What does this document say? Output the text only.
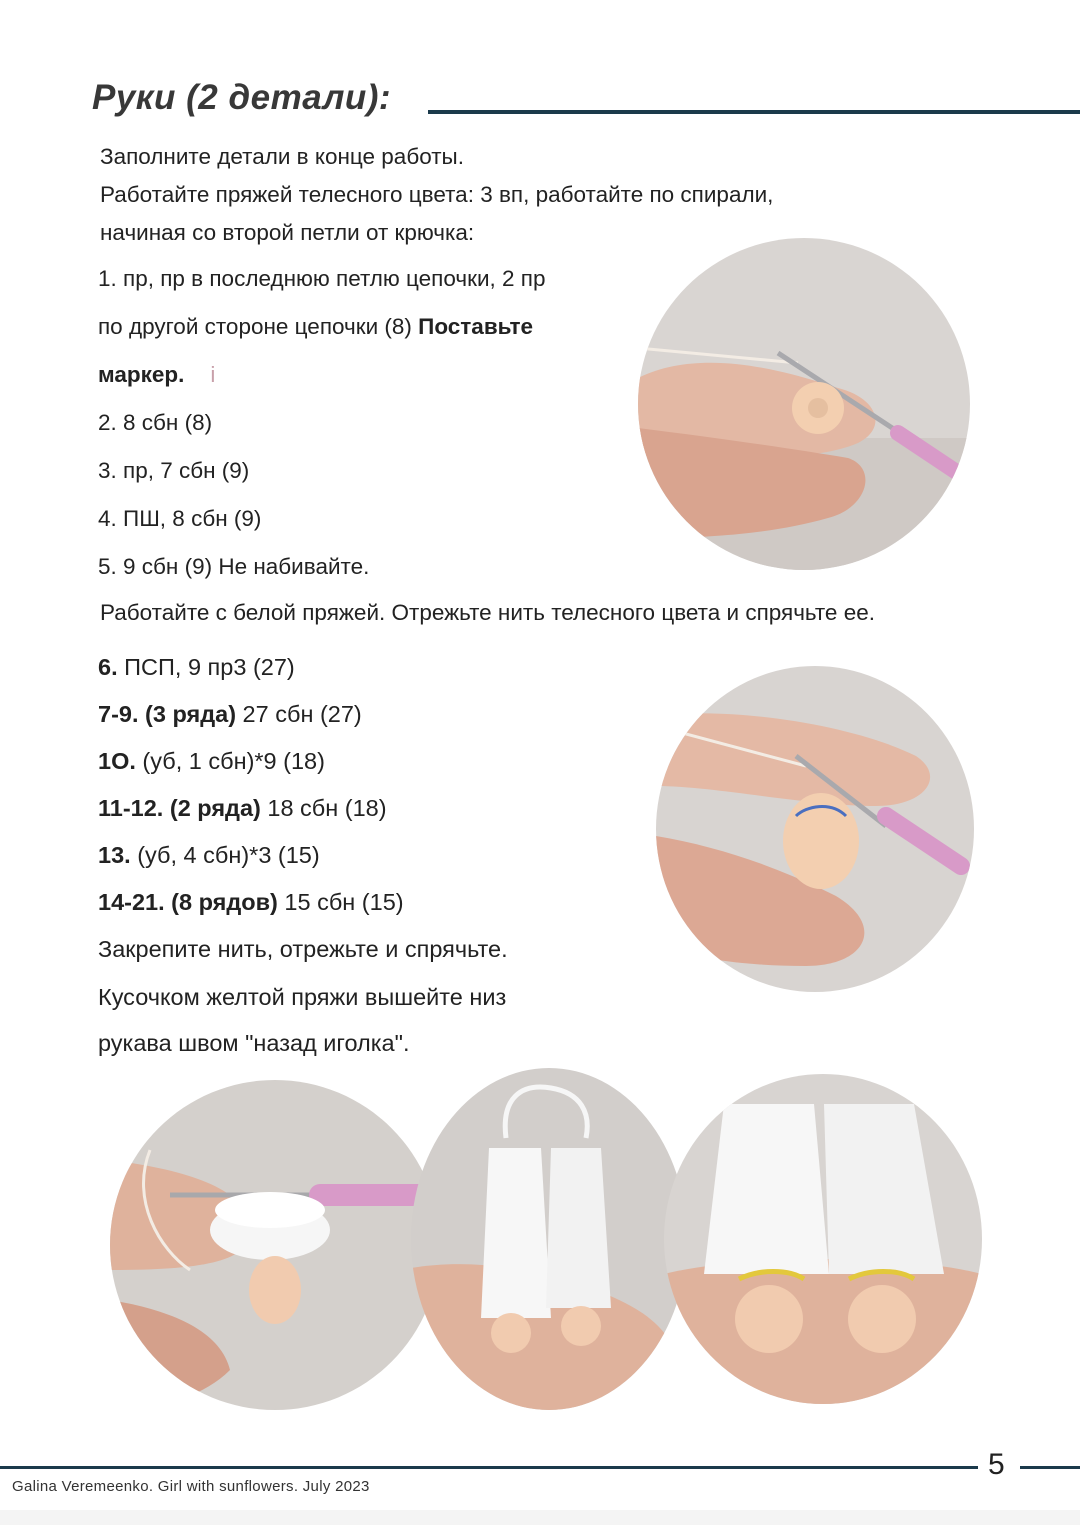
Руки (2 детали):
Заполните детали в конце работы.
Работайте пряжей телесного цвета: 3 вп, работайте по спирали,
начиная со второй петли от крючка:
1. пр, пр в последнюю петлю цепочки, 2 пр
по другой стороне цепочки (8) Поставьте
маркер. i
2. 8 сбн (8)
3. пр, 7 сбн (9)
4. ПШ, 8 сбн (9)
5. 9 сбн (9) Не набивайте.
Работайте с белой пряжей. Отрежьте нить телесного цвета и спрячьте ее.
6. ПСП, 9 пр3 (27)
7-9. (3 ряда) 27 сбн (27)
1О. (уб, 1 сбн)*9 (18)
11-12. (2 ряда) 18 сбн (18)
13. (уб, 4 сбн)*3 (15)
14-21. (8 рядов) 15 сбн (15)
Закрепите нить, отрежьте и спрячьте.
Кусочком желтой пряжи вышейте низ
рукава швом "назад иголка".
5
Galina Veremeenko. Girl with sunflowers. July 2023
